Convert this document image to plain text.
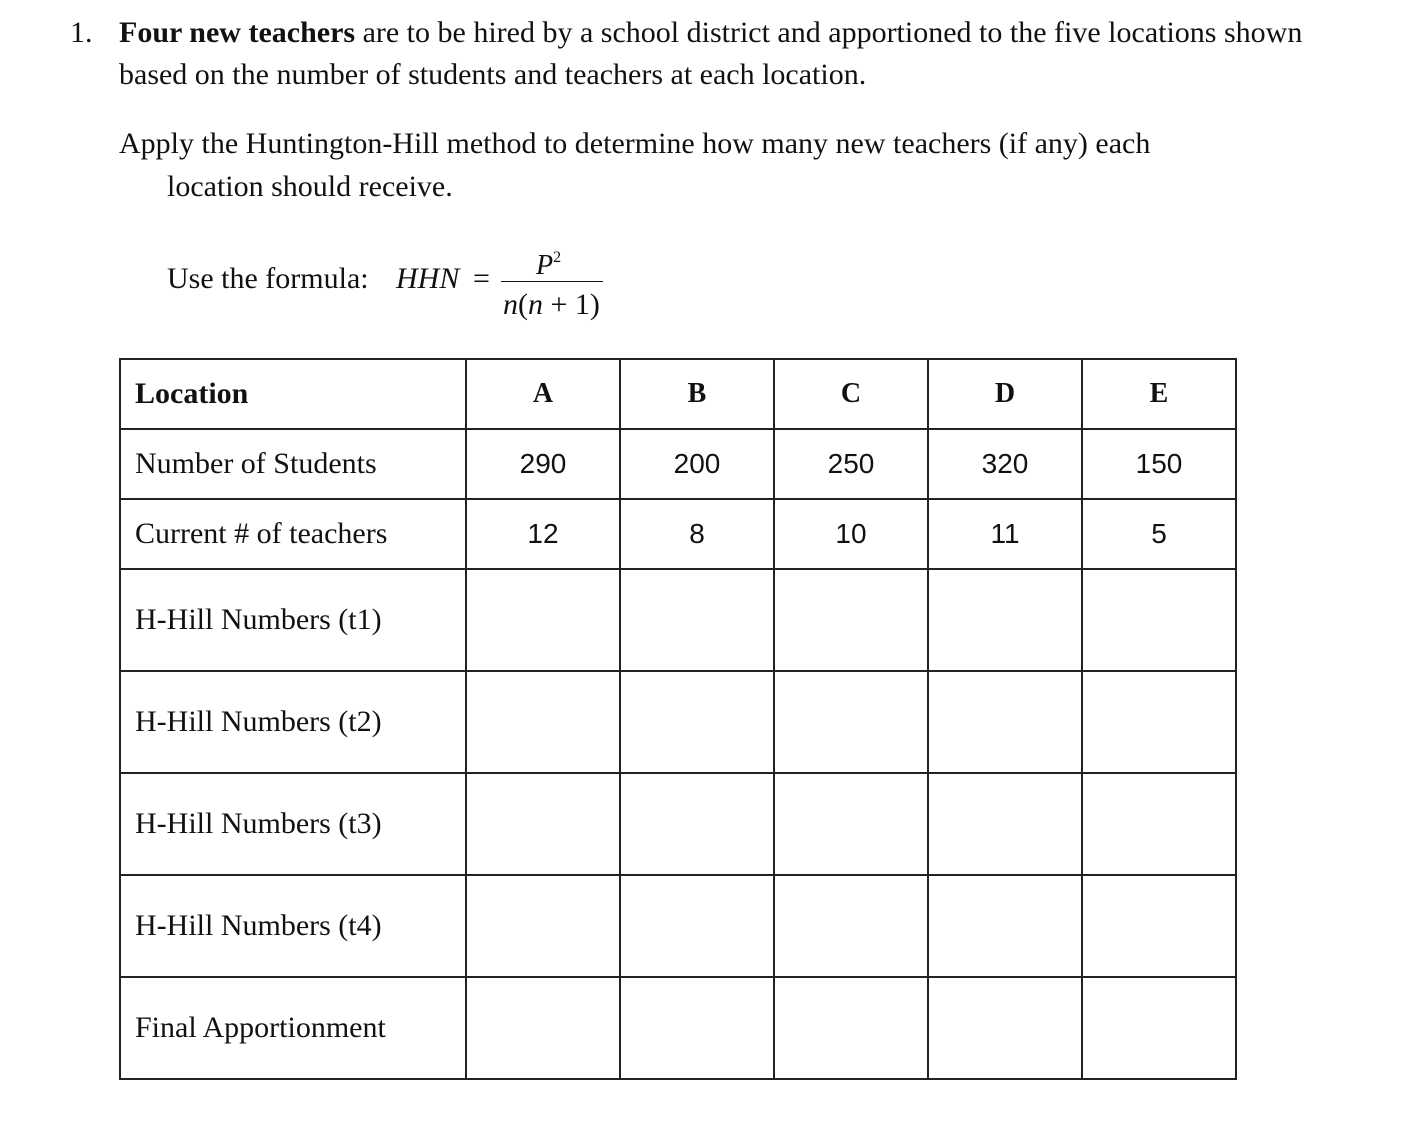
1. Four new teachers are to be hired by a school district and apportioned to the five locations shown based on the number of students and teachers at each location.
Apply the Huntington-Hill method to determine how many new teachers (if any) each
location should receive.
Use the formula: HHN = $P^2$
n(n + 1)
Location	A	B	C	D	E
Number of Students	290	200	250	320	150
Current # of teachers	12	8	10	11	5
H-Hill Numbers (t1)					
H-Hill Numbers (t2)					
H-Hill Numbers (t3)					
H-Hill Numbers (t4)					
Final Apportionment					
